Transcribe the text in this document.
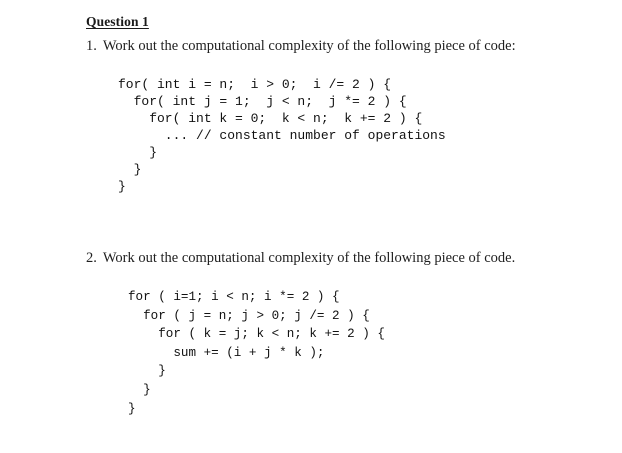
Question 1
1. Work out the computational complexity of the following piece of code:
for( int i = n;  i > 0;  i /= 2 ) {
for( int j = 1;  j < n;  j *= 2 ) {
for( int k = 0;  k < n;  k += 2 ) {
... // constant number of operations
}
}
}
2. Work out the computational complexity of the following piece of code.
for ( i=1; i < n; i *= 2 ) {
for ( j = n; j > 0; j /= 2 ) {
for ( k = j; k < n; k += 2 ) {
sum += (i + j * k );
}
}
}
